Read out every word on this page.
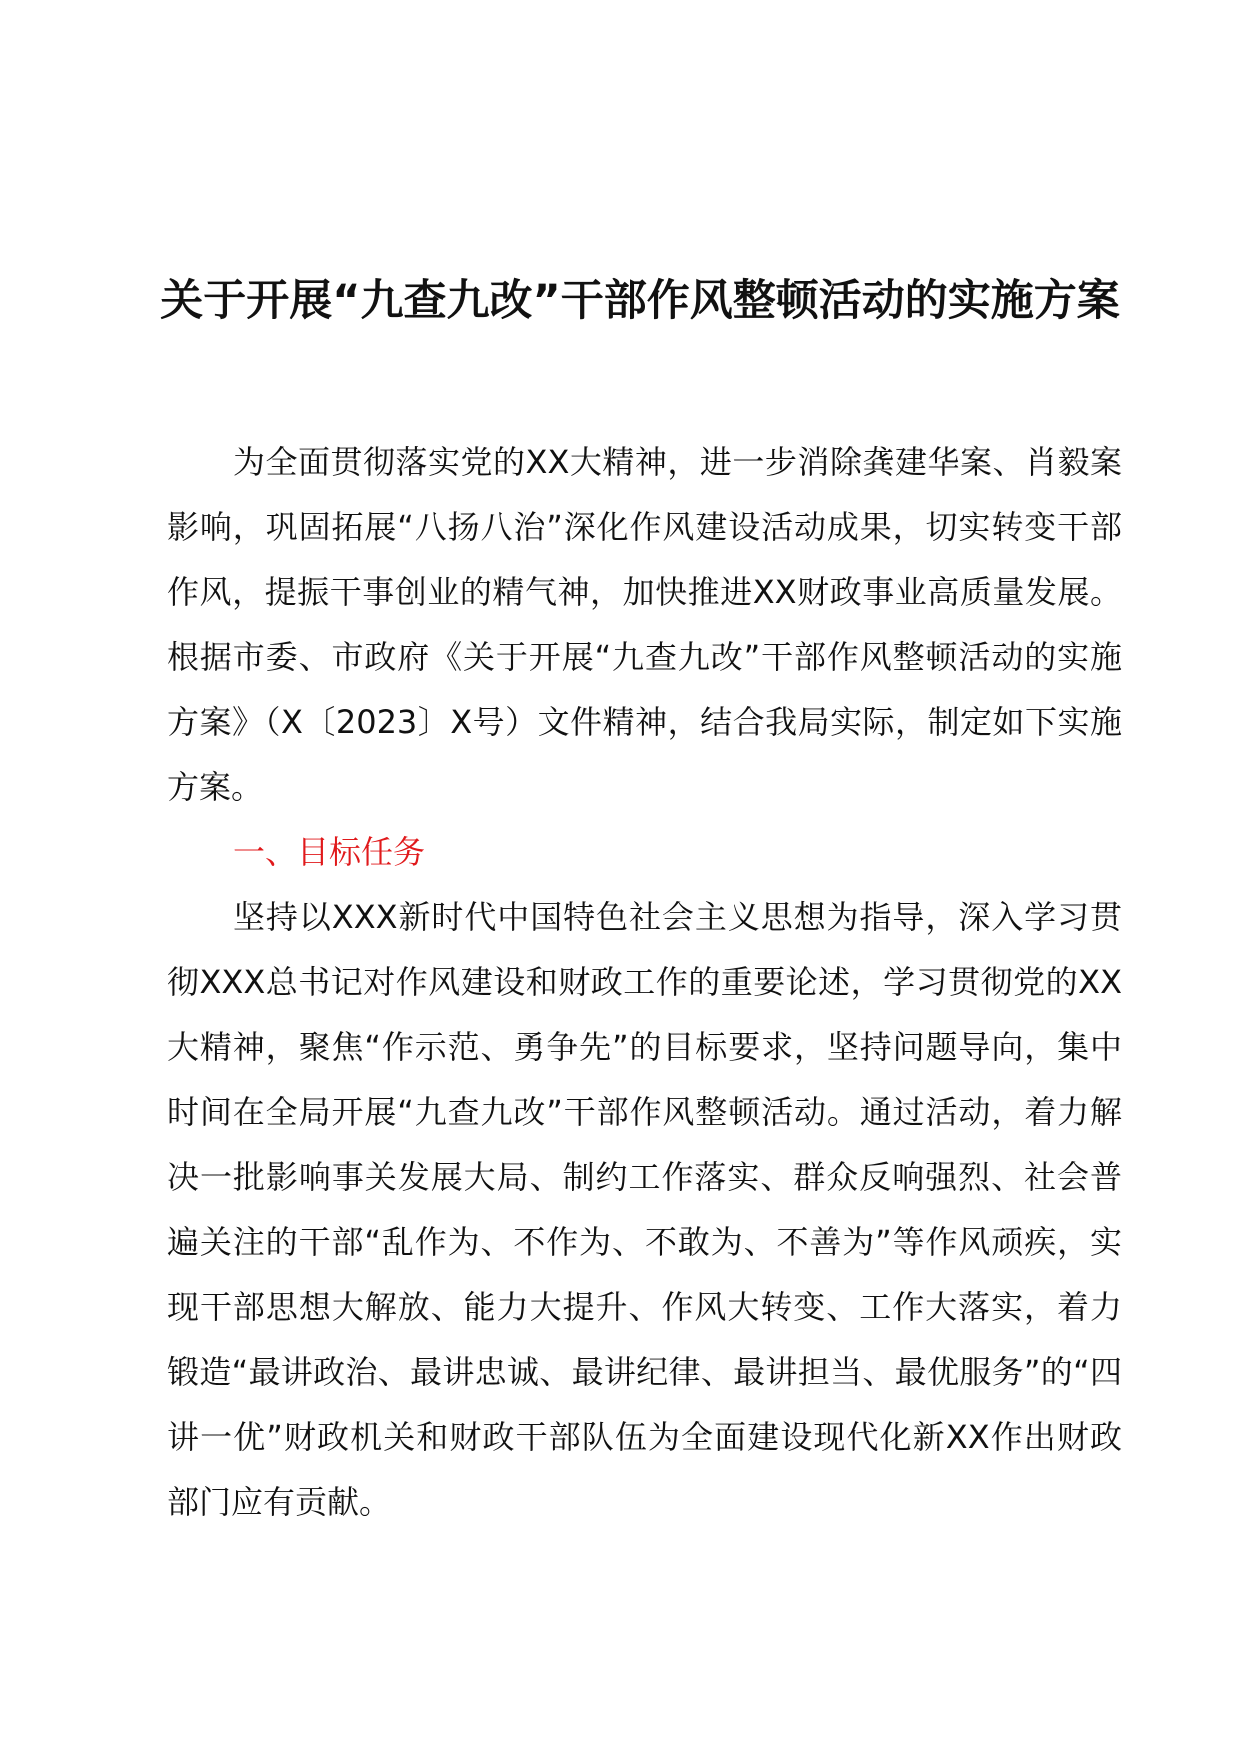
关于开展“九查九改”干部作风整顿活动的实施方案

为全面贯彻落实党的XX大精神，进一步消除龚建华案、肖毅案影响，巩固拓展“八扬八治”深化作风建设活动成果，切实转变干部作风，提振干事创业的精气神，加快推进XX财政事业高质量发展。根据市委、市政府《关于开展“九查九改”干部作风整顿活动的实施方案》（X〔2023〕X号）文件精神，结合我局实际，制定如下实施方案。

一、目标任务

坚持以XXX新时代中国特色社会主义思想为指导，深入学习贯彻XXX总书记对作风建设和财政工作的重要论述，学习贯彻党的XX大精神，聚焦“作示范、勇争先”的目标要求，坚持问题导向，集中时间在全局开展“九查九改”干部作风整顿活动。通过活动，着力解决一批影响事关发展大局、制约工作落实、群众反响强烈、社会普遍关注的干部“乱作为、不作为、不敢为、不善为”等作风顽疾，实现干部思想大解放、能力大提升、作风大转变、工作大落实，着力锻造“最讲政治、最讲忠诚、最讲纪律、最讲担当、最优服务”的“四讲一优”财政机关和财政干部队伍为全面建设现代化新XX作出财政部门应有贡献。
